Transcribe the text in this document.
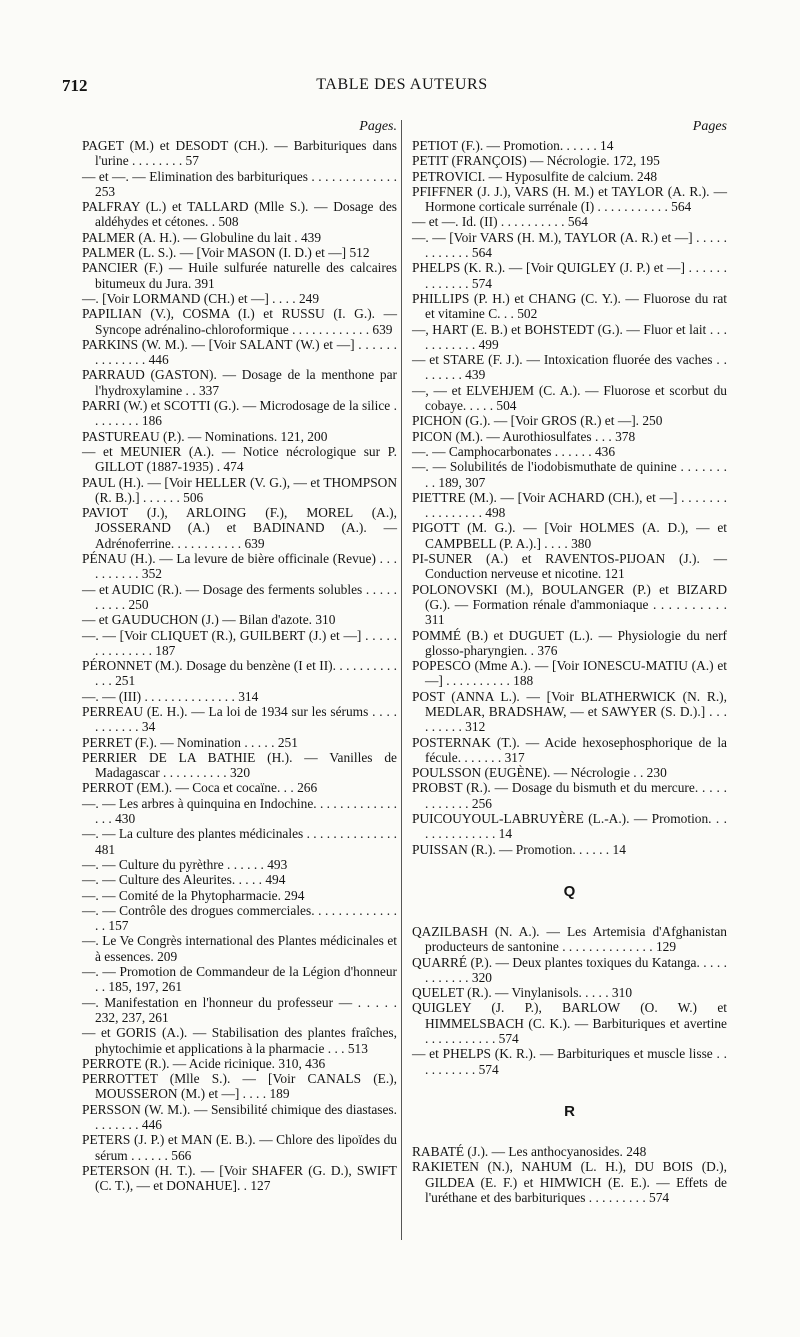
712	TABLE DES AUTEURS
Pages.

PAGET (M.) et DESODT (CH.). — Barbituriques dans l'urine . . . . . . . . 57

— et —. — Elimination des barbituriques . . . . . . . . . . . . . 253

PALFRAY (L.) et TALLARD (Mlle S.). — Dosage des aldéhydes et cétones. . 508

PALMER (A. H.). — Globuline du lait . 439

PALMER (L. S.). — [Voir MASON (I. D.) et —] 512

PANCIER (F.) — Huile sulfurée naturelle des calcaires bitumeux du Jura. 391

—. [Voir LORMAND (CH.) et —] . . . . 249

PAPILIAN (V.), COSMA (I.) et RUSSU (I. G.). — Syncope adrénalino-chloroformique . . . . . . . . . . . . 639

PARKINS (W. M.). — [Voir SALANT (W.) et —] . . . . . . . . . . . . . . 446

PARRAUD (GASTON). — Dosage de la menthone par l'hydroxylamine . . 337

PARRI (W.) et SCOTTI (G.). — Microdosage de la silice . . . . . . . . 186

PASTUREAU (P.). — Nominations. 121, 200

— et MEUNIER (A.). — Notice nécrologique sur P. GILLOT (1887-1935) . 474

PAUL (H.). — [Voir HELLER (V. G.), — et THOMPSON (R. B.).] . . . . . . 506

PAVIOT (J.), ARLOING (F.), MOREL (A.), JOSSERAND (A.) et BADINAND (A.). — Adrénoferrine. . . . . . . . . . . 639

PÉNAU (H.). — La levure de bière officinale (Revue) . . . . . . . . . . 352

— et AUDIC (R.). — Dosage des ferments solubles . . . . . . . . . . 250

— et GAUDUCHON (J.) — Bilan d'azote. 310

—. — [Voir CLIQUET (R.), GUILBERT (J.) et —] . . . . . . . . . . . . . . 187

PÉRONNET (M.). Dosage du benzène (I et II). . . . . . . . . . . . . 251

—. — (III) . . . . . . . . . . . . . . 314

PERREAU (E. H.). — La loi de 1934 sur les sérums . . . . . . . . . . . 34

PERRET (F.). — Nomination . . . . . 251

PERRIER DE LA BATHIE (H.). — Vanilles de Madagascar . . . . . . . . . . 320

PERROT (EM.). — Coca et cocaïne. . . 266

—. — Les arbres à quinquina en Indochine. . . . . . . . . . . . . . . . 430

—. — La culture des plantes médicinales . . . . . . . . . . . . . . 481

—. — Culture du pyrèthre . . . . . . 493

—. — Culture des Aleurites. . . . . 494

—. — Comité de la Phytopharmacie. 294

—. — Contrôle des drogues commerciales. . . . . . . . . . . . . . . 157

—. Le Ve Congrès international des Plantes médicinales et à essences. 209

—. — Promotion de Commandeur de la Légion d'honneur . . 185, 197, 261

—. Manifestation en l'honneur du professeur — . . . . . 232, 237, 261

— et GORIS (A.). — Stabilisation des plantes fraîches, phytochimie et applications à la pharmacie . . . 513

PERROTE (R.). — Acide ricinique. 310, 436

PERROTTET (Mlle S.). — [Voir CANALS (E.), MOUSSERON (M.) et —] . . . . 189

PERSSON (W. M.). — Sensibilité chimique des diastases. . . . . . . . 446

PETERS (J. P.) et MAN (E. B.). — Chlore des lipoïdes du sérum . . . . . . 566

PETERSON (H. T.). — [Voir SHAFER (G. D.), SWIFT (C. T.), — et DONAHUE]. . 127

Pages

PETIOT (F.). — Promotion. . . . . . 14

PETIT (FRANÇOIS) — Nécrologie. 172, 195

PETROVICI. — Hyposulfite de calcium. 248

PFIFFNER (J. J.), VARS (H. M.) et TAYLOR (A. R.). — Hormone corticale surrénale (I) . . . . . . . . . . . 564

— et —. Id. (II) . . . . . . . . . . 564

—. — [Voir VARS (H. M.), TAYLOR (A. R.) et —] . . . . . . . . . . . . 564

PHELPS (K. R.). — [Voir QUIGLEY (J. P.) et —] . . . . . . . . . . . . . 574

PHILLIPS (P. H.) et CHANG (C. Y.). — Fluorose du rat et vitamine C. . . 502

—, HART (E. B.) et BOHSTEDT (G.). — Fluor et lait . . . . . . . . . . . 499

— et STARE (F. J.). — Intoxication fluorée des vaches . . . . . . . . 439

—, — et ELVEHJEM (C. A.). — Fluorose et scorbut du cobaye. . . . . 504

PICHON (G.). — [Voir GROS (R.) et —]. 250

PICON (M.). — Aurothiosulfates . . . 378

—. — Camphocarbonates . . . . . . 436

—. — Solubilités de l'iodobismuthate de quinine . . . . . . . . . 189, 307

PIETTRE (M.). — [Voir ACHARD (CH.), et —] . . . . . . . . . . . . . . . . 498

PIGOTT (M. G.). — [Voir HOLMES (A. D.), — et CAMPBELL (P. A.).] . . . . 380

PI-SUNER (A.) et RAVENTOS-PIJOAN (J.). — Conduction nerveuse et nicotine. 121

POLONOVSKI (M.), BOULANGER (P.) et BIZARD (G.). — Formation rénale d'ammoniaque . . . . . . . . . . 311

POMMÉ (B.) et DUGUET (L.). — Physiologie du nerf glosso-pharyngien. . 376

POPESCO (Mme A.). — [Voir IONESCU-MATIU (A.) et —] . . . . . . . . . . 188

POST (ANNA L.). — [Voir BLATHERWICK (N. R.), MEDLAR, BRADSHAW, — et SAWYER (S. D.).] . . . . . . . . . 312

POSTERNAK (T.). — Acide hexosephosphorique de la fécule. . . . . . . 317

POULSSON (EUGÈNE). — Nécrologie . . 230

PROBST (R.). — Dosage du bismuth et du mercure. . . . . . . . . . . . 256

PUICOUYOUL-LABRUYÈRE (L.-A.). — Promotion. . . . . . . . . . . . . . 14

PUISSAN (R.). — Promotion. . . . . . 14

Q

QAZILBASH (N. A.). — Les Artemisia d'Afghanistan producteurs de santonine . . . . . . . . . . . . . . 129

QUARRÉ (P.). — Deux plantes toxiques du Katanga. . . . . . . . . . . . 320

QUELET (R.). — Vinylanisols. . . . . 310

QUIGLEY (J. P.), BARLOW (O. W.) et HIMMELSBACH (C. K.). — Barbituriques et avertine . . . . . . . . . . . 574

— et PHELPS (K. R.). — Barbituriques et muscle lisse . . . . . . . . . . 574

R

RABATÉ (J.). — Les anthocyanosides. 248

RAKIETEN (N.), NAHUM (L. H.), DU BOIS (D.), GILDEA (E. F.) et HIMWICH (E. E.). — Effets de l'uréthane et des barbituriques . . . . . . . . . 574
